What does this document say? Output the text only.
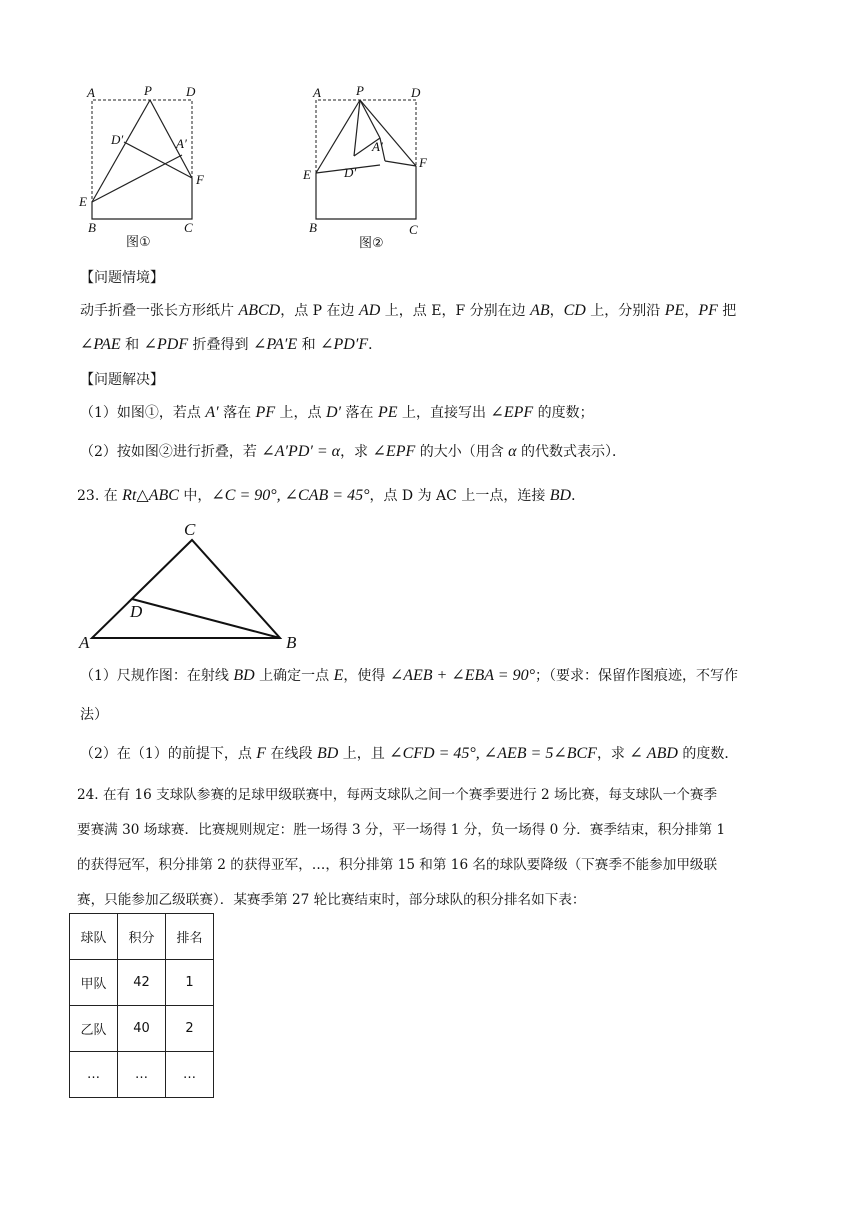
A	P	D
D′	A′
E
F
B	C
图①
A	P	D
A′
D′
E
F
B	C
图②
【问题情境】
动手折叠一张长方形纸片 ABCD，点 P 在边 AD 上，点 E，F 分别在边 AB，CD 上，分别沿 PE，PF 把
∠PAE 和 ∠PDF 折叠得到 ∠PA′E 和 ∠PD′F．
【问题解决】
（1）如图①，若点 A′ 落在 PF 上，点 D′ 落在 PE 上，直接写出 ∠EPF 的度数；
（2）按如图②进行折叠，若 ∠A′PD′ = α，求 ∠EPF 的大小（用含 α 的代数式表示）．
23. 在 Rt△ABC 中，∠C = 90°, ∠CAB = 45°，点 D 为 AC 上一点，连接 BD．
C
D
A	B
（1）尺规作图：在射线 BD 上确定一点 E，使得 ∠AEB + ∠EBA = 90°；（要求：保留作图痕迹，不写作
法）
（2）在（1）的前提下，点 F 在线段 BD 上，且 ∠CFD = 45°, ∠AEB = 5∠BCF，求 ∠ ABD 的度数．
24. 在有 16 支球队参赛的足球甲级联赛中，每两支球队之间一个赛季要进行 2 场比赛，每支球队一个赛季
要赛满 30 场球赛．比赛规则规定：胜一场得 3 分，平一场得 1 分，负一场得 0 分．赛季结束，积分排第 1
的获得冠军，积分排第 2 的获得亚军，…，积分排第 15 和第 16 名的球队要降级（下赛季不能参加甲级联
赛，只能参加乙级联赛）．某赛季第 27 轮比赛结束时，部分球队的积分排名如下表：
球队	积分	排名
甲队	42	1
乙队	40	2
…	…	…
